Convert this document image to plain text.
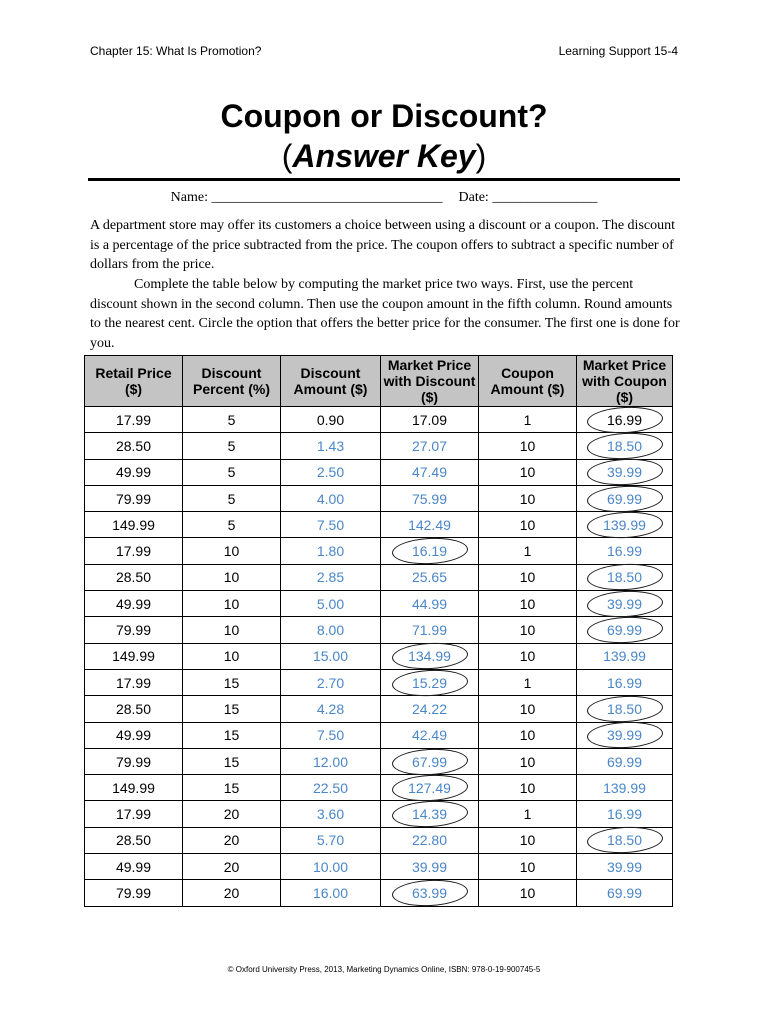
Chapter 15: What Is Promotion?	Learning Support 15-4
Coupon or Discount?
(Answer Key)
Name: _________________________________ Date: _______________

A department store may offer its customers a choice between using a discount or a coupon. The discount is a percentage of the price subtracted from the price. The coupon offers to subtract a specific number of dollars from the price.

Complete the table below by computing the market price two ways. First, use the percent discount shown in the second column. Then use the coupon amount in the fifth column. Round amounts to the nearest cent. Circle the option that offers the better price for the consumer. The first one is done for you.

Retail Price ($)	Discount Percent (%)	Discount Amount ($)	Market Price with Discount ($)	Coupon Amount ($)	Market Price with Coupon ($)
17.99	5	0.90	17.09	1	16.99

28.50	5	1.43	27.07	10	18.50

49.99	5	2.50	47.49	10	39.99

79.99	5	4.00	75.99	10	69.99

149.99	5	7.50	142.49	10	139.99

17.99	10	1.80	16.19	1	16.99
28.50	10	2.85	25.65	10	18.50

49.99	10	5.00	44.99	10	39.99

79.99	10	8.00	71.99	10	69.99

149.99	10	15.00	134.99	10	139.99
17.99	15	2.70	15.29	1	16.99
28.50	15	4.28	24.22	10	18.50

49.99	15	7.50	42.49	10	39.99

79.99	15	12.00	67.99	10	69.99
149.99	15	22.50	127.49	10	139.99
17.99	20	3.60	14.39	1	16.99
28.50	20	5.70	22.80	10	18.50

49.99	20	10.00	39.99	10	39.99
79.99	20	16.00	63.99	10	69.99
© Oxford University Press, 2013, Marketing Dynamics Online, ISBN: 978-0-19-900745-5
